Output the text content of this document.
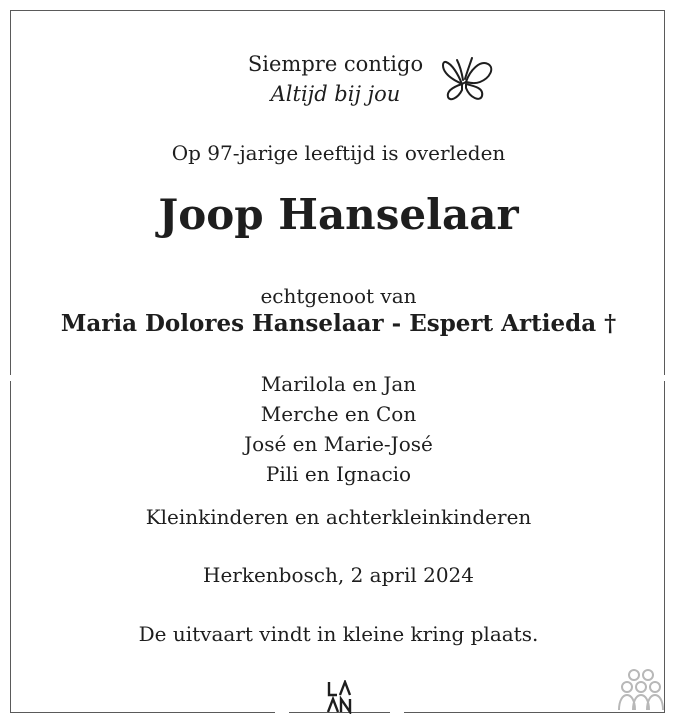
Siempre contigo
Altijd bij jou
Op 97-jarige leeftijd is overleden
Joop Hanselaar
echtgenoot van
Maria Dolores Hanselaar - Espert Artieda †
Marilola en Jan
Merche en Con
José en Marie-José
Pili en Ignacio
Kleinkinderen en achterkleinkinderen
Herkenbosch, 2 april 2024
De uitvaart vindt in kleine kring plaats.
